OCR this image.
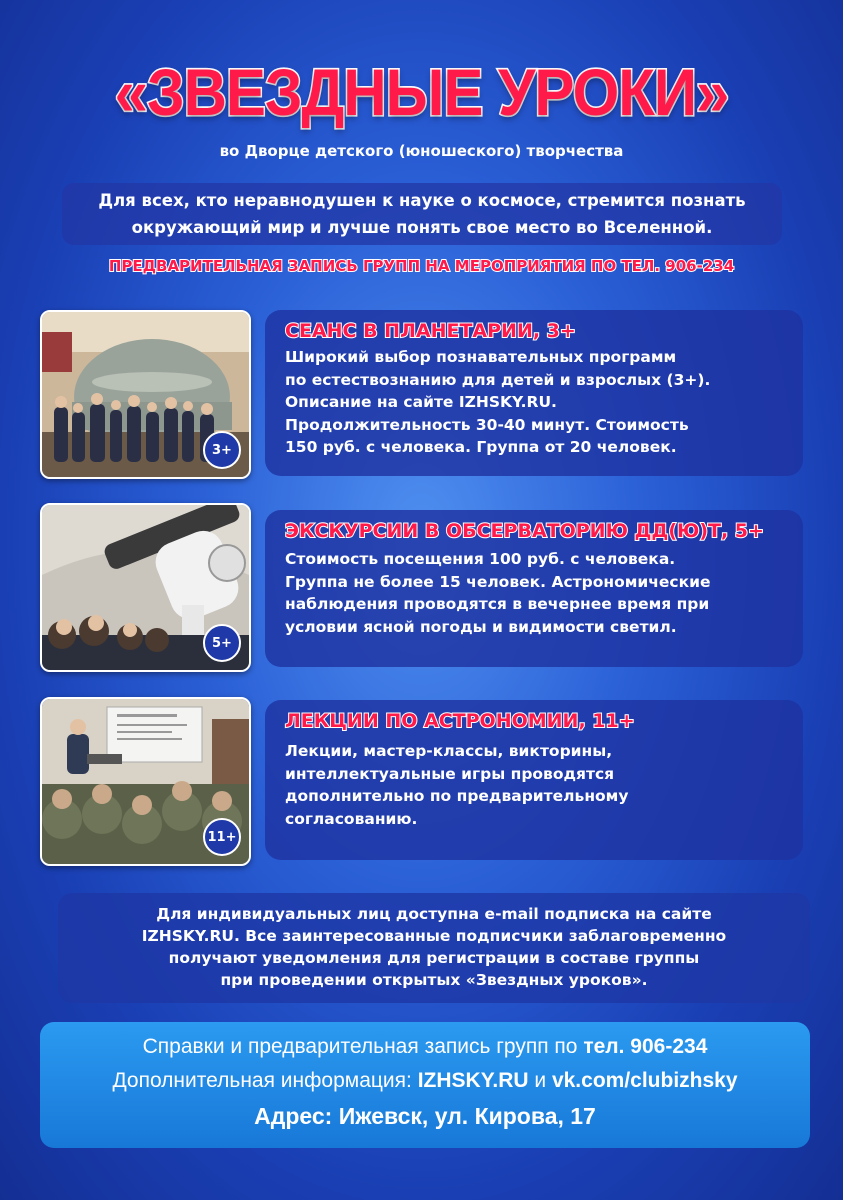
«ЗВЕЗДНЫЕ УРОКИ»
во Дворце детского (юношеского) творчества
Для всех, кто неравнодушен к науке о космосе, стремится познать
окружающий мир и лучше понять свое место во Вселенной.
ПРЕДВАРИТЕЛЬНАЯ ЗАПИСЬ ГРУПП НА МЕРОПРИЯТИЯ ПО ТЕЛ. 906-234
3+
СЕАНС В ПЛАНЕТАРИИ, 3+
Широкий выбор познавательных программ
по естествознанию для детей и взрослых (3+).
Описание на сайте IZHSKY.RU.
Продолжительность 30-40 минут. Стоимость
150 руб. с человека. Группа от 20 человек.
5+
ЭКСКУРСИИ В ОБСЕРВАТОРИЮ ДД(Ю)Т, 5+
Стоимость посещения 100 руб. с человека.
Группа не более 15 человек. Астрономические
наблюдения проводятся в вечернее время при
условии ясной погоды и видимости светил.
11+
ЛЕКЦИИ ПО АСТРОНОМИИ, 11+
Лекции, мастер-классы, викторины,
интеллектуальные игры проводятся
дополнительно по предварительному
согласованию.
Для индивидуальных лиц доступна e-mail подписка на сайте
IZHSKY.RU. Все заинтересованные подписчики заблаговременно
получают уведомления для регистрации в составе группы
при проведении открытых «Звездных уроков».
Справки и предварительная запись групп по тел. 906-234
Дополнительная информация: IZHSKY.RU и vk.com/clubizhsky
Адрес: Ижевск, ул. Кирова, 17
